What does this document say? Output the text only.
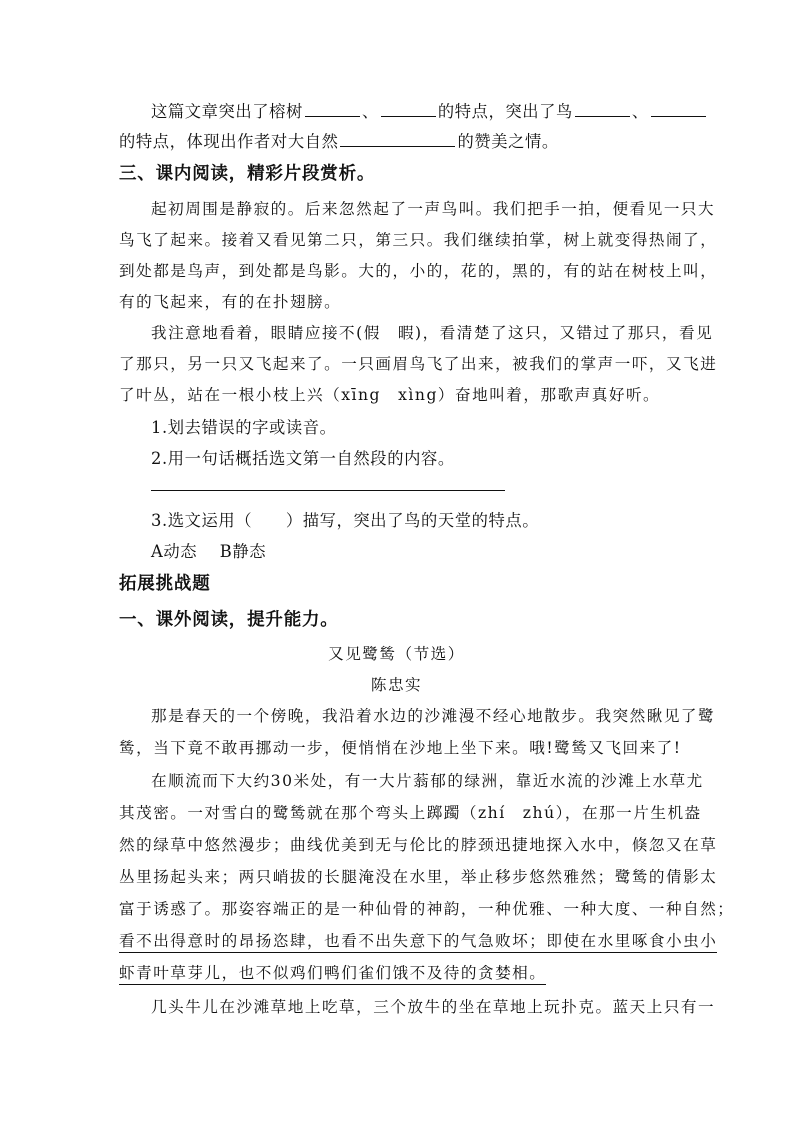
这篇文章突出了榕树	、	的特点，突出了鸟	、
的特点，体现出作者对大自然	的赞美之情。
三、课内阅读，精彩片段赏析。
起初周围是静寂的。后来忽然起了一声鸟叫。我们把手一拍，便看见一只大
鸟飞了起来。接着又看见第二只，第三只。我们继续拍掌，树上就变得热闹了，
到处都是鸟声，到处都是鸟影。大的，小的，花的，黑的，有的站在树枝上叫，
有的飞起来，有的在扑翅膀。
我注意地看着，眼睛应接不(假　暇)，看清楚了这只，又错过了那只，看见
了那只，另一只又飞起来了。一只画眉鸟飞了出来，被我们的掌声一吓，又飞进
了叶丛，站在一根小枝上兴（xīng　xìng）奋地叫着，那歌声真好听。
1.划去错误的字或读音。
2.用一句话概括选文第一自然段的内容。
3.选文运用（　　）描写，突出了鸟的天堂的特点。
A动态　 B静态
拓展挑战题
一、课外阅读，提升能力。
又见鹭鸶（节选）
陈忠实
那是春天的一个傍晚，我沿着水边的沙滩漫不经心地散步。我突然瞅见了鹭
鸶，当下竟不敢再挪动一步，便悄悄在沙地上坐下来。哦!鹭鸶又飞回来了!
在顺流而下大约30米处，有一大片蓊郁的绿洲，靠近水流的沙滩上水草尤
其茂密。一对雪白的鹭鸶就在那个弯头上踯躅（zhí　zhú），在那一片生机盎
然的绿草中悠然漫步；曲线优美到无与伦比的脖颈迅捷地探入水中，倏忽又在草
丛里扬起头来；两只峭拔的长腿淹没在水里，举止移步悠然雅然；鹭鸶的倩影太
富于诱惑了。那姿容端正的是一种仙骨的神韵，一种优雅、一种大度、一种自然；
看不出得意时的昂扬恣肆，也看不出失意下的气急败坏；即使在水里啄食小虫小
虾青叶草芽儿，也不似鸡们鸭们雀们饿不及待的贪婪相。
几头牛儿在沙滩草地上吃草，三个放牛的坐在草地上玩扑克。蓝天上只有一
